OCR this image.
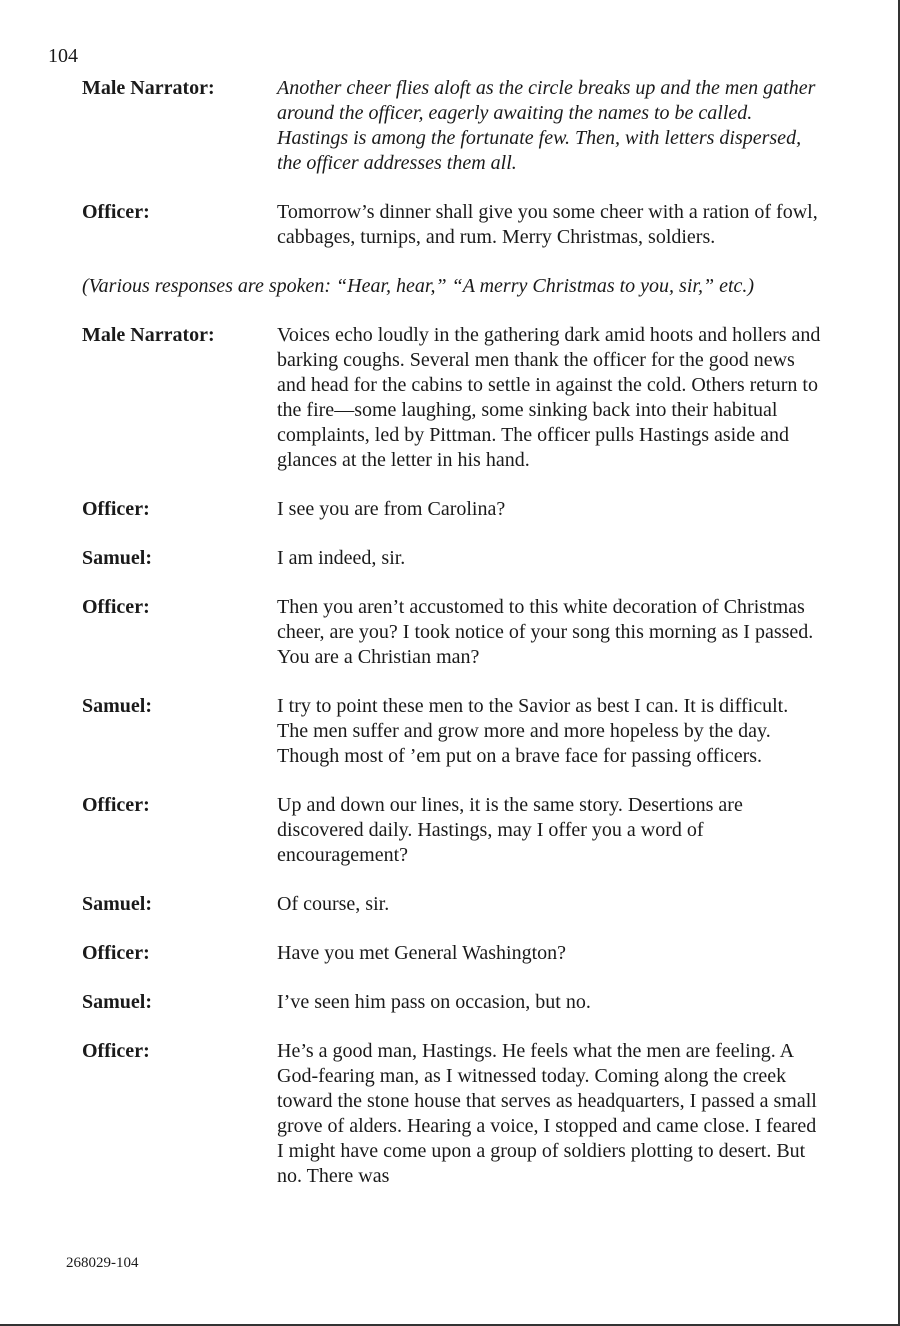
104
Male Narrator:	Another cheer flies aloft as the circle breaks up and the men gather around the officer, eagerly awaiting the names to be called. Hastings is among the fortunate few. Then, with letters dispersed, the officer addresses them all.
Officer:	Tomorrow’s dinner shall give you some cheer with a ration of fowl, cabbages, turnips, and rum. Merry Christmas, soldiers.
(Various responses are spoken: “Hear, hear,” “A merry Christmas to you, sir,” etc.)
Male Narrator:	Voices echo loudly in the gathering dark amid hoots and hollers and barking coughs. Several men thank the officer for the good news and head for the cabins to settle in against the cold. Others return to the fire—some laughing, some sinking back into their habitual complaints, led by Pittman. The officer pulls Hastings aside and glances at the letter in his hand.
Officer:	I see you are from Carolina?
Samuel:	I am indeed, sir.
Officer:	Then you aren’t accustomed to this white decoration of Christmas cheer, are you? I took notice of your song this morning as I passed. You are a Christian man?
Samuel:	I try to point these men to the Savior as best I can. It is difficult. The men suffer and grow more and more hopeless by the day. Though most of ’em put on a brave face for passing officers.
Officer:	Up and down our lines, it is the same story. Desertions are discovered daily. Hastings, may I offer you a word of encouragement?
Samuel:	Of course, sir.
Officer:	Have you met General Washington?
Samuel:	I’ve seen him pass on occasion, but no.
Officer:	He’s a good man, Hastings. He feels what the men are feeling. A God-fearing man, as I witnessed today. Coming along the creek toward the stone house that serves as headquarters, I passed a small grove of alders. Hearing a voice, I stopped and came close. I feared I might have come upon a group of soldiers plotting to desert. But no. There was
268029-104
